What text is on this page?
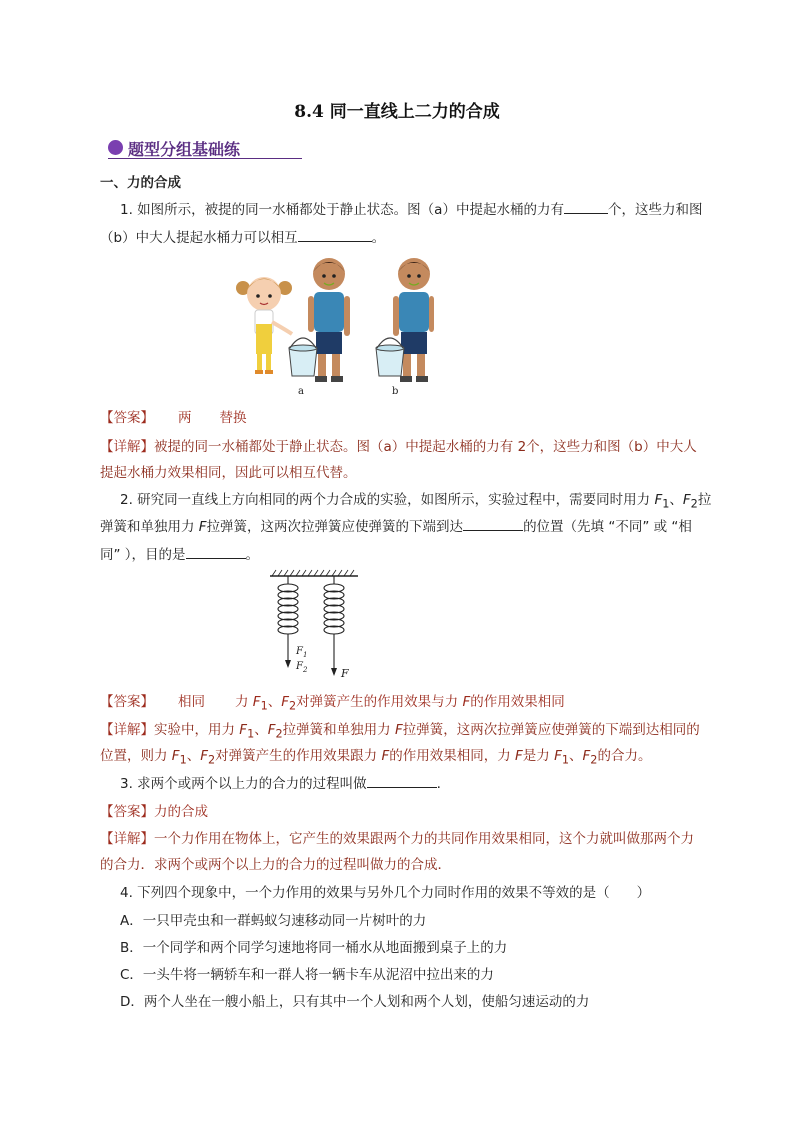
8.4 同一直线上二力的合成
题型分组基础练
一、力的合成
1. 如图所示，被提的同一水桶都处于静止状态。图（a）中提起水桶的力有	个，这些力和图
（b）中大人提起水桶力可以相互	。
a	b
【答案】 两 替换
【详解】被提的同一水桶都处于静止状态。图（a）中提起水桶的力有 2个，这些力和图（b）中大人
提起水桶力效果相同，因此可以相互代替。
2. 研究同一直线上方向相同的两个力合成的实验，如图所示，实验过程中，需要同时用力 $F_1$、$F_2$拉
弹簧和单独用力 F拉弹簧，这两次拉弹簧应使弹簧的下端到达	的位置（先填 “不同” 或 “相
同” ），目的是	。
$F_1$
$F_2$	F
【答案】 相同 力 $F_1$、$F_2$对弹簧产生的作用效果与力 F的作用效果相同
【详解】实验中，用力 $F_1$、$F_2$拉弹簧和单独用力 F拉弹簧，这两次拉弹簧应使弹簧的下端到达相同的
位置，则力 $F_1$、$F_2$对弹簧产生的作用效果跟力 F的作用效果相同，力 F是力 $F_1$、$F_2$的合力。
3. 求两个或两个以上力的合力的过程叫做	.
【答案】力的合成
【详解】一个力作用在物体上，它产生的效果跟两个力的共同作用效果相同，这个力就叫做那两个力
的合力．求两个或两个以上力的合力的过程叫做力的合成．
4. 下列四个现象中，一个力作用的效果与另外几个力同时作用的效果不等效的是（　　）
A．一只甲壳虫和一群蚂蚁匀速移动同一片树叶的力
B．一个同学和两个同学匀速地将同一桶水从地面搬到桌子上的力
C．一头牛将一辆轿车和一群人将一辆卡车从泥沼中拉出来的力
D．两个人坐在一艘小船上，只有其中一个人划和两个人划，使船匀速运动的力
